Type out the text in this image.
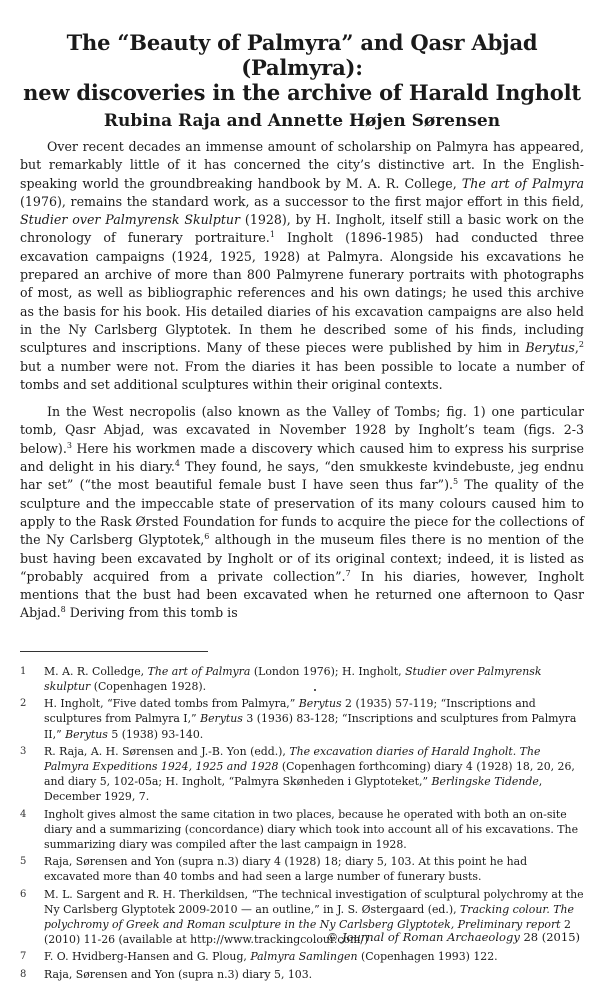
The “Beauty of Palmyra” and Qasr Abjad (Palmyra):
new discoveries in the archive of Harald Ingholt
Rubina Raja and Annette Højen Sørensen

Over recent decades an immense amount of scholarship on Palmyra has appeared, but remarkably little of it has concerned the city’s distinctive art. In the English-speaking world the groundbreaking handbook by M. A. R. College, The art of Palmyra (1976), remains the standard work, as a successor to the first major effort in this field, Studier over Palmyrensk Skulptur (1928), by H. Ingholt, itself still a basic work on the chronology of funerary portraiture.$^1$ Ingholt (1896-1985) had conducted three excavation campaigns (1924, 1925, 1928) at Palmyra. Alongside his excavations he prepared an archive of more than 800 Palmyrene funerary portraits with photographs of most, as well as bibliographic references and his own datings; he used this archive as the basis for his book. His detailed diaries of his excavation campaigns are also held in the Ny Carlsberg Glyptotek. In them he described some of his finds, including sculptures and inscriptions. Many of these pieces were published by him in Berytus,$^2$ but a number were not. From the diaries it has been possible to locate a number of tombs and set additional sculptures within their original contexts.

In the West necropolis (also known as the Valley of Tombs; fig. 1) one particular tomb, Qasr Abjad, was excavated in November 1928 by Ingholt’s team (figs. 2-3 below).$^3$ Here his workmen made a discovery which caused him to express his surprise and delight in his diary.$^4$ They found, he says, “den smukkeste kvindebuste, jeg endnu har set” (“the most beautiful female bust I have seen thus far”).$^5$ The quality of the sculpture and the impeccable state of preservation of its many colours caused him to apply to the Rask Ørsted Foundation for funds to acquire the piece for the collections of the Ny Carlsberg Glyptotek,$^6$ although in the museum files there is no mention of the bust having been excavated by Ingholt or of its original context; indeed, it is listed as “probably acquired from a private collection”.$^7$ In his diaries, however, Ingholt mentions that the bust had been excavated when he returned one afternoon to Qasr Abjad.$^8$ Deriving from this tomb is

1	M. A. R. Colledge, The art of Palmyra (London 1976); H. Ingholt, Studier over Palmyrensk skulptur (Copenhagen 1928).
2	H. Ingholt, “Five dated tombs from Palmyra,” Berytus 2 (1935) 57-119; “Inscriptions and sculptures from Palmyra I,” Berytus 3 (1936) 83-128; “Inscriptions and sculptures from Palmyra II,” Berytus 5 (1938) 93-140.
3	R. Raja, A. H. Sørensen and J.-B. Yon (edd.), The excavation diaries of Harald Ingholt. The Palmyra Expeditions 1924, 1925 and 1928 (Copenhagen forthcoming) diary 4 (1928) 18, 20, 26, and diary 5, 102-05a; H. Ingholt, “Palmyra Skønheden i Glyptoteket,” Berlingske Tidende, December 1929, 7.
4	Ingholt gives almost the same citation in two places, because he operated with both an on-site diary and a summarizing (concordance) diary which took into account all of his excavations. The summarizing diary was compiled after the last campaign in 1928.
5	Raja, Sørensen and Yon (supra n.3) diary 4 (1928) 18; diary 5, 103. At this point he had excavated more than 40 tombs and had seen a large number of funerary busts.
6	M. L. Sargent and R. H. Therkildsen, “The technical investigation of sculptural polychromy at the Ny Carlsberg Glyptotek 2009-2010 — an outline,” in J. S. Østergaard (ed.), Tracking colour. The polychromy of Greek and Roman sculpture in the Ny Carlsberg Glyptotek, Preliminary report 2 (2010) 11-26 (available at http://www.trackingcolour.com/)
7	F. O. Hvidberg-Hansen and G. Ploug, Palmyra Samlingen (Copenhagen 1993) 122.
8	Raja, Sørensen and Yon (supra n.3) diary 5, 103.
© Journal of Roman Archaeology 28 (2015)
